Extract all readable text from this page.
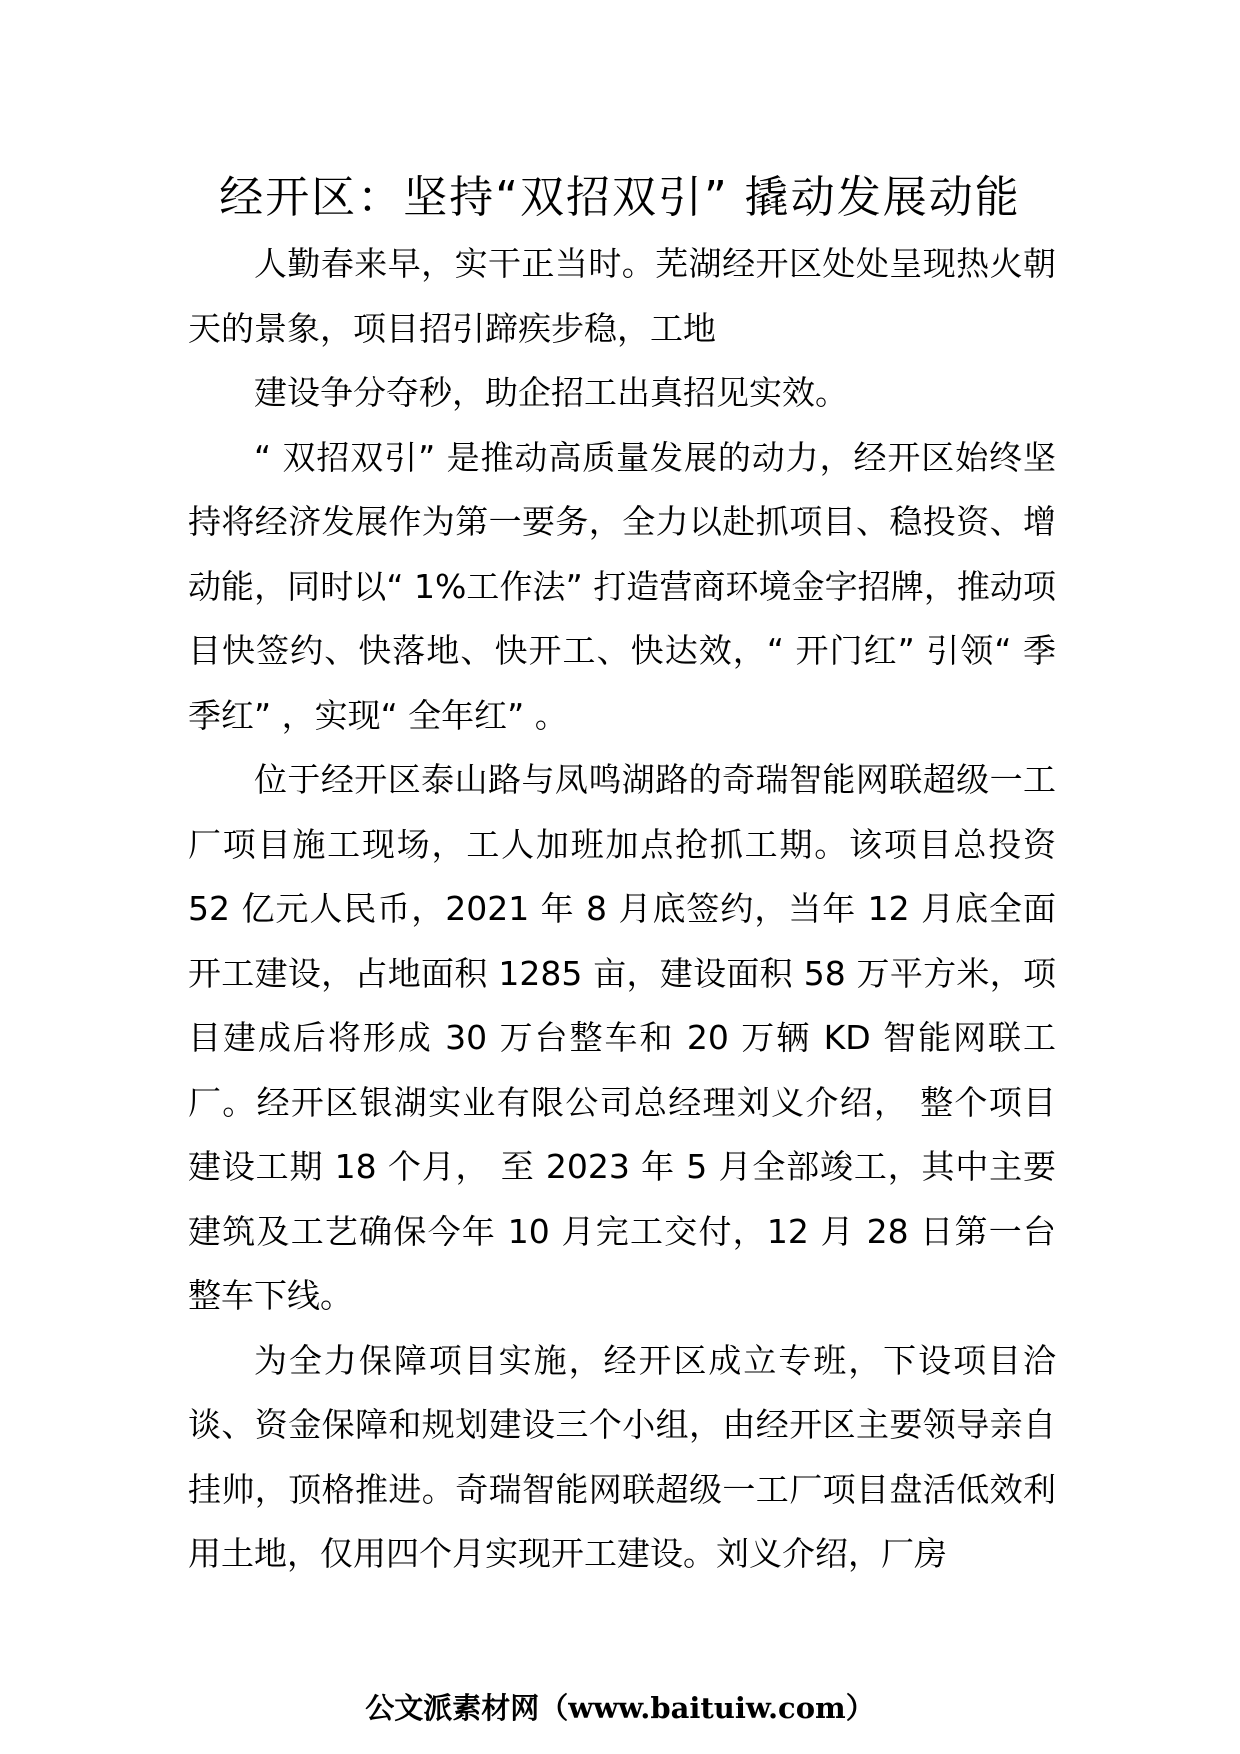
经开区：坚持“双招双引” 撬动发展动能

人勤春来早，实干正当时。芜湖经开区处处呈现热火朝天的景象，项目招引蹄疾步稳，工地

建设争分夺秒，助企招工出真招见实效。

“ 双招双引” 是推动高质量发展的动力，经开区始终坚持将经济发展作为第一要务，全力以赴抓项目、稳投资、增动能，同时以“ 1%工作法” 打造营商环境金字招牌，推动项目快签约、快落地、快开工、快达效，“ 开门红” 引领“ 季季红” ，实现“ 全年红” 。

位于经开区泰山路与凤鸣湖路的奇瑞智能网联超级一工厂项目施工现场，工人加班加点抢抓工期。该项目总投资 52 亿元人民币，2021 年 8 月底签约，当年 12 月底全面开工建设，占地面积 1285 亩，建设面积 58 万平方米，项目建成后将形成 30 万台整车和 20 万辆 KD 智能网联工厂。经开区银湖实业有限公司总经理刘义介绍， 整个项目建设工期 18 个月， 至 2023 年 5 月全部竣工，其中主要建筑及工艺确保今年 10 月完工交付，12 月 28 日第一台整车下线。

为全力保障项目实施，经开区成立专班，下设项目洽谈、资金保障和规划建设三个小组，由经开区主要领导亲自挂帅，顶格推进。奇瑞智能网联超级一工厂项目盘活低效利用土地，仅用四个月实现开工建设。刘义介绍，厂房

公文派素材网（www.baituiw.com）
